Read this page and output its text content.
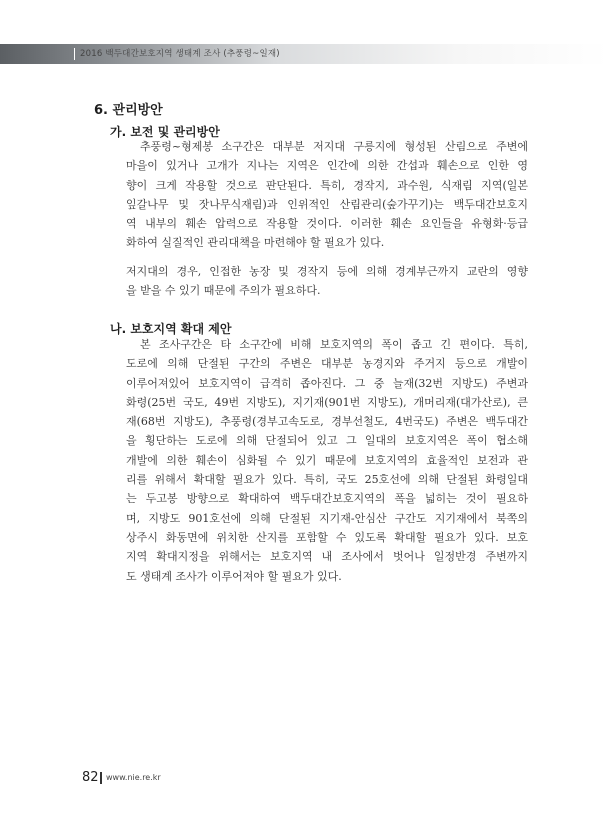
2016 백두대간보호지역 생태계 조사 (추풍령~일재)
6. 관리방안
가. 보전 및 관리방안
추풍령~형제봉 소구간은 대부분 저지대 구릉지에 형성된 산림으로 주변에
마을이 있거나 고개가 지나는 지역은 인간에 의한 간섭과 훼손으로 인한 영
향이 크게 작용할 것으로 판단된다. 특히, 경작지, 과수원, 식재림 지역(일본
잎갈나무 및 잣나무식재림)과 인위적인 산림관리(숲가꾸기)는 백두대간보호지
역 내부의 훼손 압력으로 작용할 것이다. 이러한 훼손 요인들을 유형화·등급
화하여 실질적인 관리대책을 마련해야 할 필요가 있다.
저지대의 경우, 인접한 농장 및 경작지 등에 의해 경계부근까지 교란의 영향
을 받을 수 있기 때문에 주의가 필요하다.
나. 보호지역 확대 제안
본 조사구간은 타 소구간에 비해 보호지역의 폭이 좁고 긴 편이다. 특히,
도로에 의해 단절된 구간의 주변은 대부분 농경지와 주거지 등으로 개발이
이루어져있어 보호지역이 급격히 좁아진다. 그 중 늘재(32번 지방도) 주변과
화령(25번 국도, 49번 지방도), 지기재(901번 지방도), 개머리재(대가산로), 큰
재(68번 지방도), 추풍령(경부고속도로, 경부선철도, 4번국도) 주변은 백두대간
을 횡단하는 도로에 의해 단절되어 있고 그 일대의 보호지역은 폭이 협소해
개발에 의한 훼손이 심화될 수 있기 때문에 보호지역의 효율적인 보전과 관
리를 위해서 확대할 필요가 있다. 특히, 국도 25호선에 의해 단절된 화령일대
는 두고봉 방향으로 확대하여 백두대간보호지역의 폭을 넓히는 것이 필요하
며, 지방도 901호선에 의해 단절된 지기재-안심산 구간도 지기재에서 북쪽의
상주시 화동면에 위치한 산지를 포함할 수 있도록 확대할 필요가 있다. 보호
지역 확대지정을 위해서는 보호지역 내 조사에서 벗어나 일정반경 주변까지
도 생태계 조사가 이루어져야 할 필요가 있다.
82 www.nie.re.kr
